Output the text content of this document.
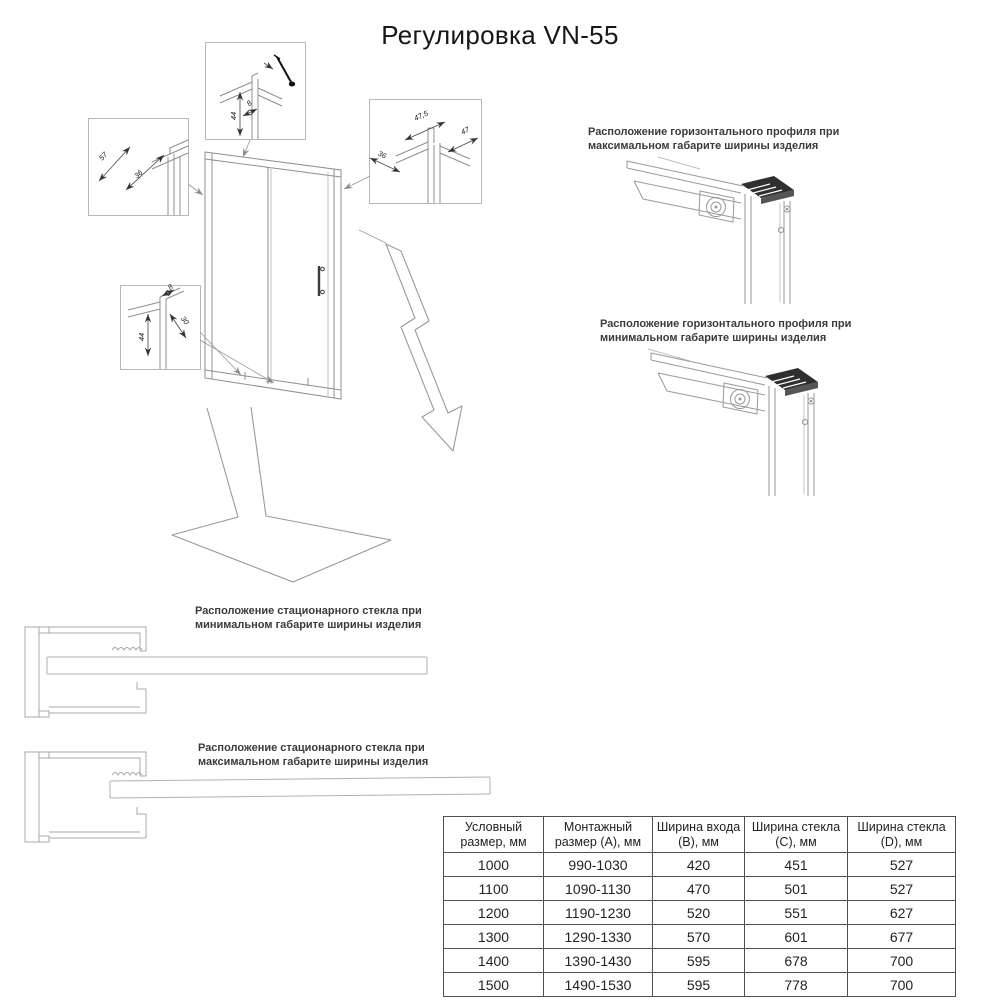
Регулировка VN-55
57
36
44
8
47,5
36
47
8
44
30
Расположение горизонтального профиля при
максимальном габарите ширины изделия
Расположение горизонтального профиля при
минимальном габарите ширины изделия
Расположение стационарного стекла при
минимальном габарите ширины изделия
Расположение стационарного стекла при
максимальном габарите ширины изделия
Условный размер, мм	Монтажный размер (A), мм	Ширина входа (B), мм	Ширина стекла (C), мм	Ширина стекла (D), мм
1000	990-1030	420	451	527
1100	1090-1130	470	501	527
1200	1190-1230	520	551	627
1300	1290-1330	570	601	677
1400	1390-1430	595	678	700
1500	1490-1530	595	778	700
